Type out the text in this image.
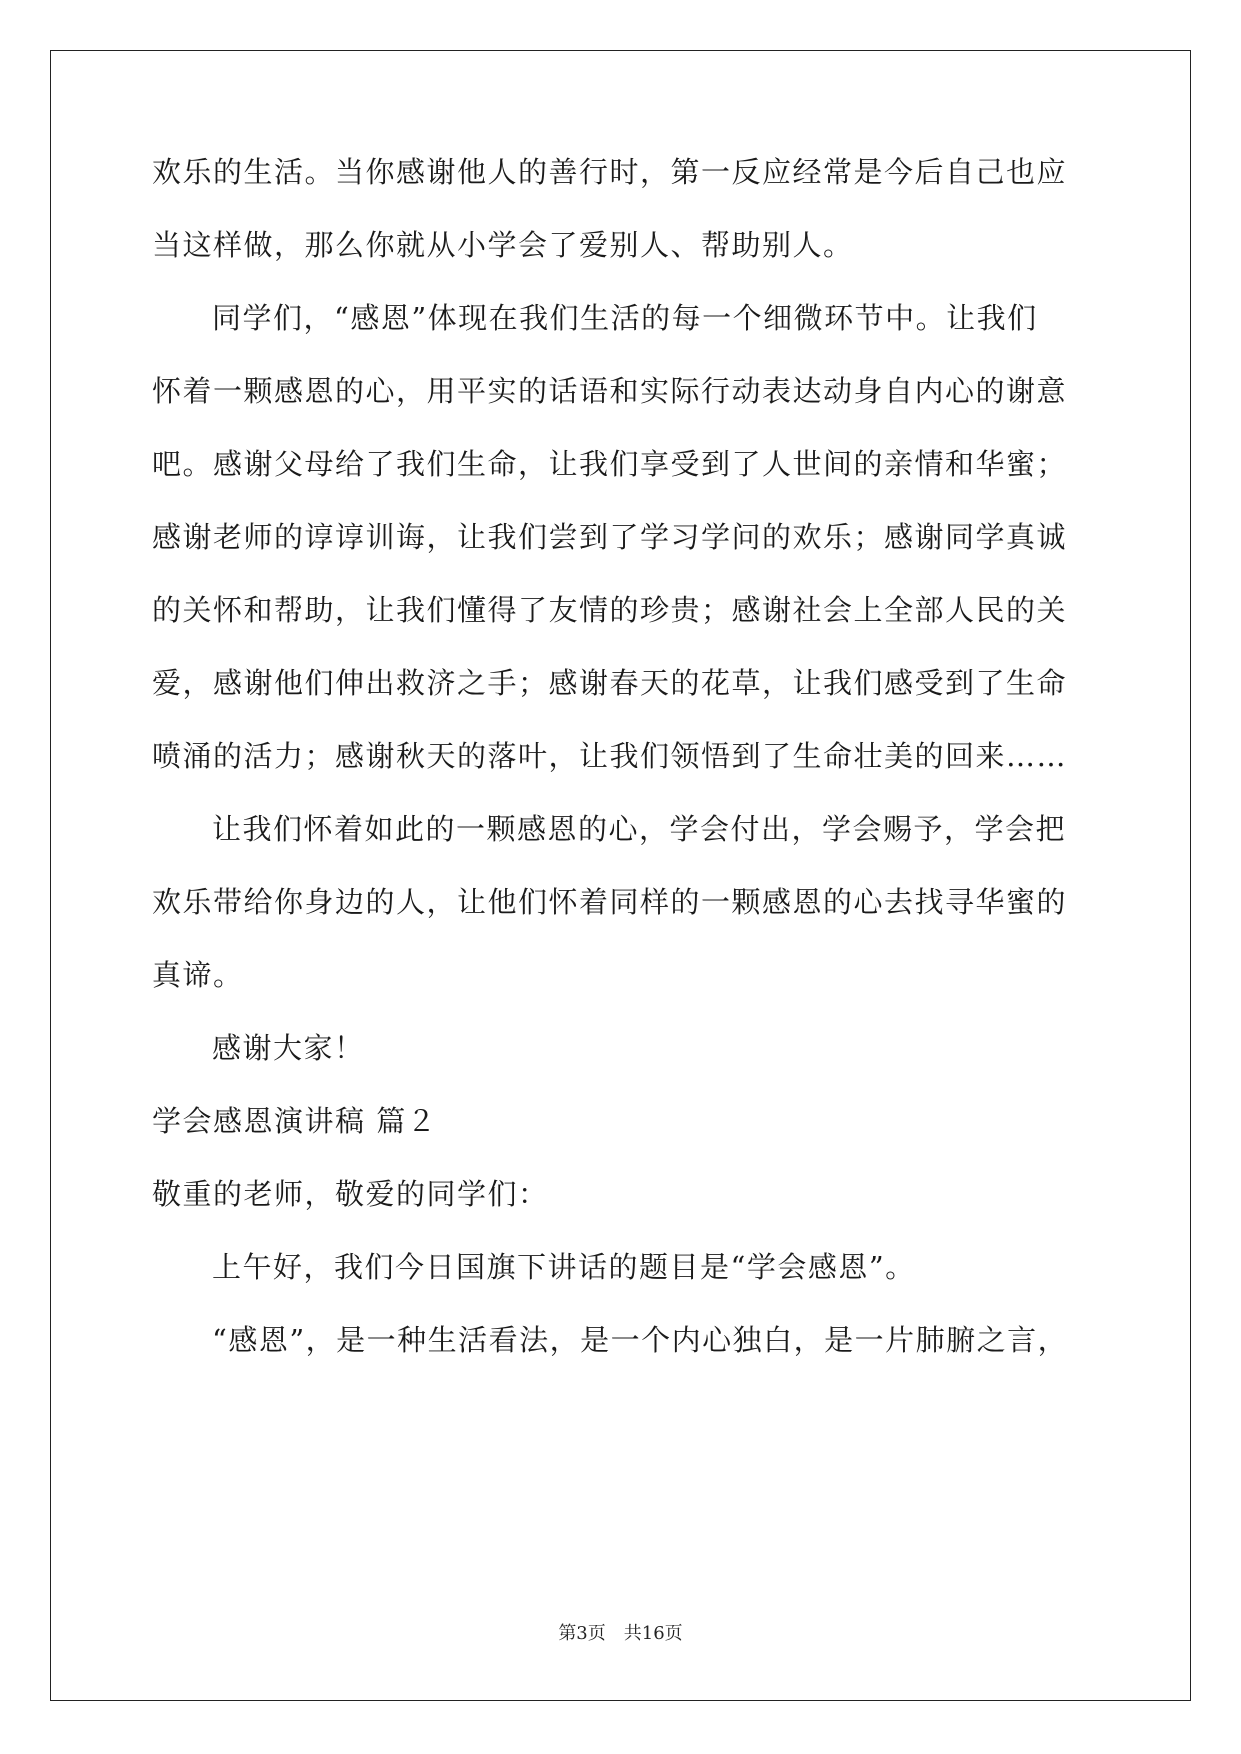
欢乐的生活。当你感谢他人的善行时，第一反应经常是今后自己也应
当这样做，那么你就从小学会了爱别人、帮助别人。
同学们，“感恩”体现在我们生活的每一个细微环节中。让我们
怀着一颗感恩的心，用平实的话语和实际行动表达动身自内心的谢意
吧。感谢父母给了我们生命，让我们享受到了人世间的亲情和华蜜；
感谢老师的谆谆训诲，让我们尝到了学习学问的欢乐；感谢同学真诚
的关怀和帮助，让我们懂得了友情的珍贵；感谢社会上全部人民的关
爱，感谢他们伸出救济之手；感谢春天的花草，让我们感受到了生命
喷涌的活力；感谢秋天的落叶，让我们领悟到了生命壮美的回来……
让我们怀着如此的一颗感恩的心，学会付出，学会赐予，学会把
欢乐带给你身边的人，让他们怀着同样的一颗感恩的心去找寻华蜜的
真谛。
感谢大家！
学会感恩演讲稿 篇２
敬重的老师，敬爱的同学们：
上午好，我们今日国旗下讲话的题目是“学会感恩”。
“感恩”，是一种生活看法，是一个内心独白，是一片肺腑之言，
第3页　共16页
